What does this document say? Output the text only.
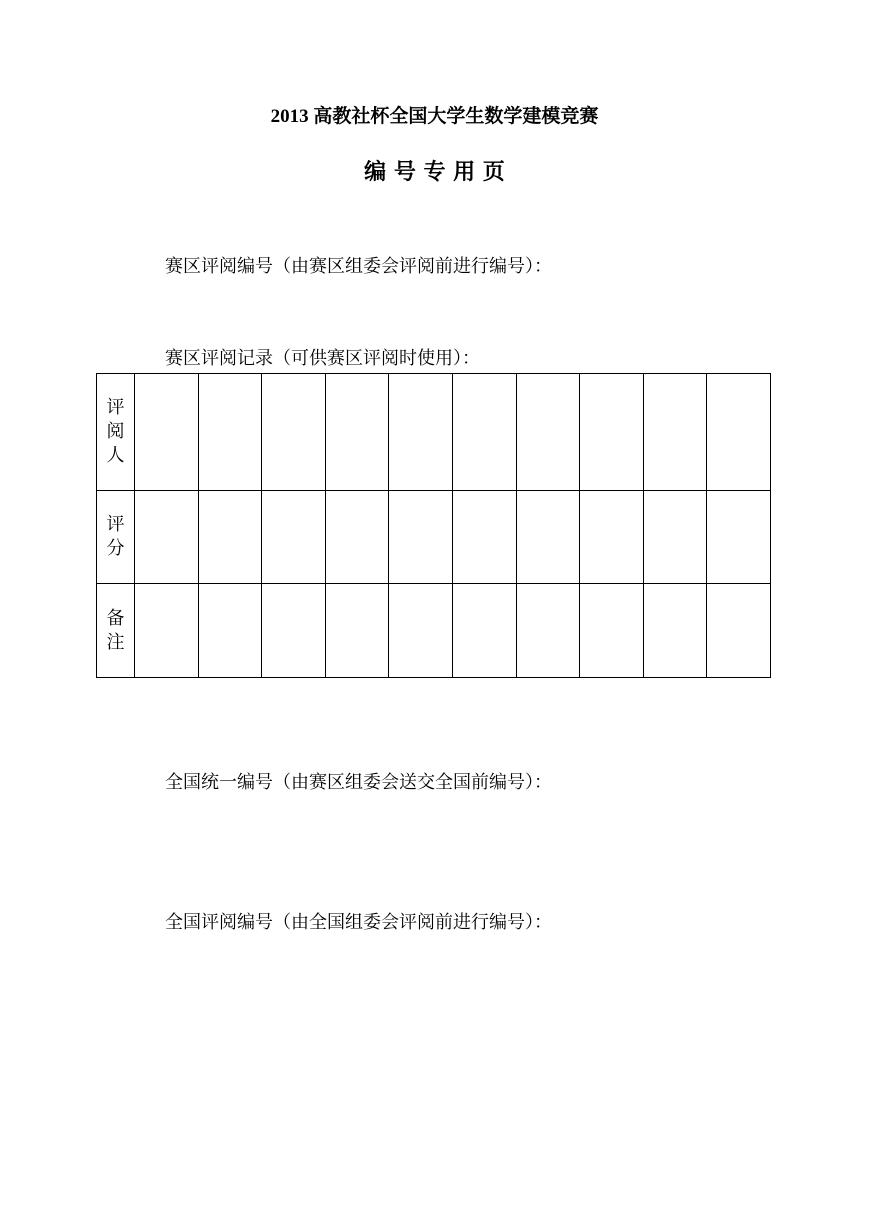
2013 高教社杯全国大学生数学建模竞赛
编 号 专 用 页
赛区评阅编号（由赛区组委会评阅前进行编号）：
赛区评阅记录（可供赛区评阅时使用）：
评阅人										
评分										
备注										
全国统一编号（由赛区组委会送交全国前编号）：
全国评阅编号（由全国组委会评阅前进行编号）：
